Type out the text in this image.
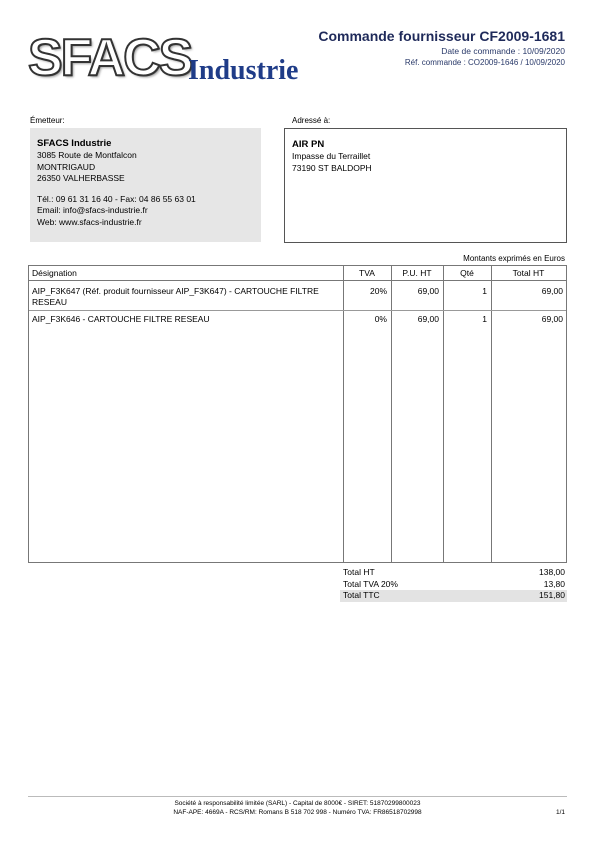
SFACS
Industrie
Commande fournisseur CF2009-1681
Date de commande : 10/09/2020
Réf. commande : CO2009-1646 / 10/09/2020
Émetteur:
SFACS Industrie
3085 Route de Montfalcon
MONTRIGAUD
26350 VALHERBASSE
Tél.: 09 61 31 16 40 - Fax: 04 86 55 63 01
Email: info@sfacs-industrie.fr
Web: www.sfacs-industrie.fr
Adressé à:
AIR PN
Impasse du Terraillet
73190 ST BALDOPH
Montants exprimés en Euros
Désignation	TVA	P.U. HT	Qté	Total HT
AIP_F3K647 (Réf. produit fournisseur AIP_F3K647) - CARTOUCHE FILTRE
RESEAU
20%	69,00	1	69,00
AIP_F3K646 - CARTOUCHE FILTRE RESEAU	0%	69,00	1	69,00
Total HT	138,00
Total TVA 20%	13,80
Total TTC	151,80
Société à responsabilité limitée (SARL) - Capital de 8000€ - SIRET: 51870299800023
NAF-APE: 4669A - RCS/RM: Romans B 518 702 998 - Numéro TVA: FR86518702998	1/1
